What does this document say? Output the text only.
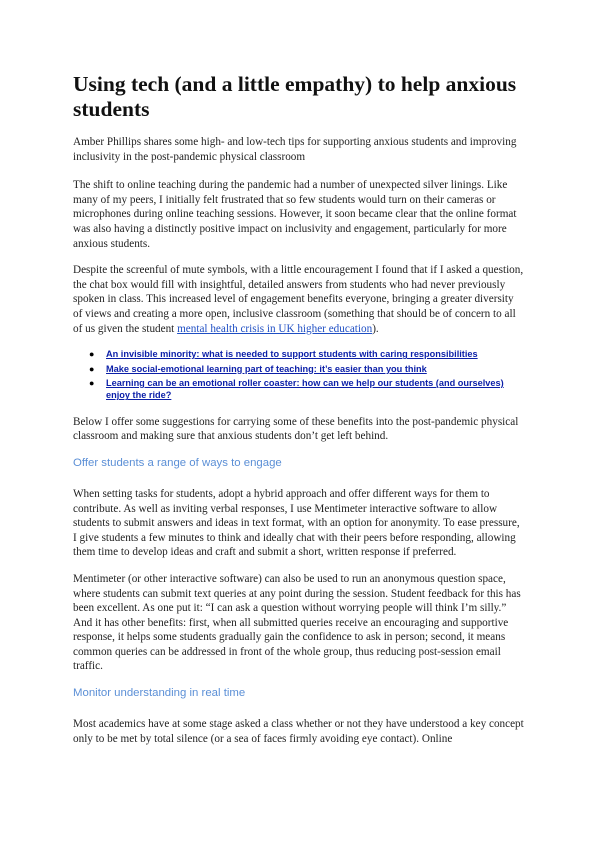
Using tech (and a little empathy) to help anxious students

Amber Phillips shares some high- and low-tech tips for supporting anxious students and improving inclusivity in the post-pandemic physical classroom

The shift to online teaching during the pandemic had a number of unexpected silver linings. Like many of my peers, I initially felt frustrated that so few students would turn on their cameras or microphones during online teaching sessions. However, it soon became clear that the online format was also having a distinctly positive impact on inclusivity and engagement, particularly for more anxious students.

Despite the screenful of mute symbols, with a little encouragement I found that if I asked a question, the chat box would fill with insightful, detailed answers from students who had never previously spoken in class. This increased level of engagement benefits everyone, bringing a greater diversity of views and creating a more open, inclusive classroom (something that should be of concern to all of us given the student mental health crisis in UK higher education).

● An invisible minority: what is needed to support students with caring responsibilities
● Make social-emotional learning part of teaching: it’s easier than you think
● Learning can be an emotional roller coaster: how can we help our students (and ourselves) enjoy the ride?

Below I offer some suggestions for carrying some of these benefits into the post-pandemic physical classroom and making sure that anxious students don’t get left behind.

Offer students a range of ways to engage

When setting tasks for students, adopt a hybrid approach and offer different ways for them to contribute. As well as inviting verbal responses, I use Mentimeter interactive software to allow students to submit answers and ideas in text format, with an option for anonymity. To ease pressure, I give students a few minutes to think and ideally chat with their peers before responding, allowing them time to develop ideas and craft and submit a short, written response if preferred.

Mentimeter (or other interactive software) can also be used to run an anonymous question space, where students can submit text queries at any point during the session. Student feedback for this has been excellent. As one put it: “I can ask a question without worrying people will think I’m silly.” And it has other benefits: first, when all submitted queries receive an encouraging and supportive response, it helps some students gradually gain the confidence to ask in person; second, it means common queries can be addressed in front of the whole group, thus reducing post-session email traffic.

Monitor understanding in real time

Most academics have at some stage asked a class whether or not they have understood a key concept only to be met by total silence (or a sea of faces firmly avoiding eye contact). Online
